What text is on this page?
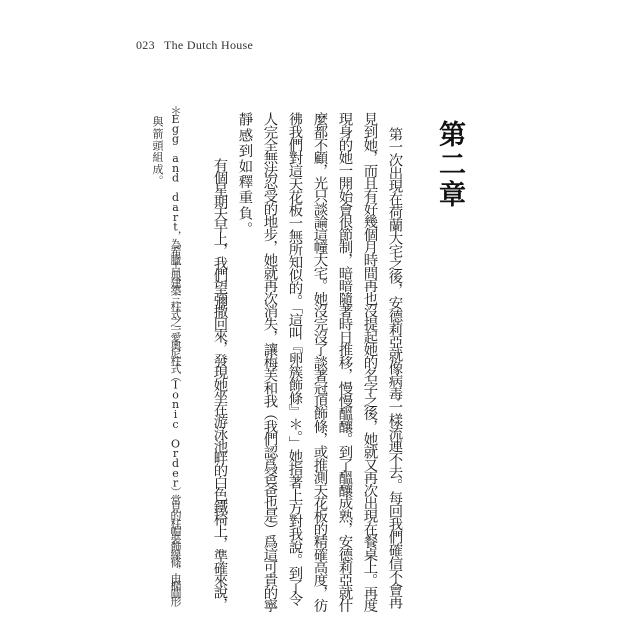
023 The Dutch House
第二章
第一次出現在荷蘭大宅之後，安德莉亞就像病毒一樣流連不去。每回我們確信不會再
見到她，而且有好幾個月時間再也沒提起她的名字之後，她就又再次出現在餐桌上。再度
現身的她一開始會很節制，暗暗隨著時日推移，慢慢醞釀。到了醞釀成熟，安德莉亞就什
麼都不顧，光只談論這幢大宅。她沒完沒了談著冠頂飾條，或推測天花板的精確高度，彷
彿我們對這天花板一無所知似的。「這叫『卵簇飾條』＊。」她指著上方對我說。到了令
人完全無法忍受的地步，她就再次消失，讓梅芙和我（我們認爲爸爸也是）爲這可貴的寧
靜感到如釋重負。
有個星期天早上，我們望彌撒回來，發現她坐在游泳池畔的白色鐵椅上，準確來說，
＊Egg and dart，為希臘古典建築三柱式之一愛奧尼柱式（Ionic Order）常見的柱帽裝飾線條，由橢圓形
與箭頭組成。
